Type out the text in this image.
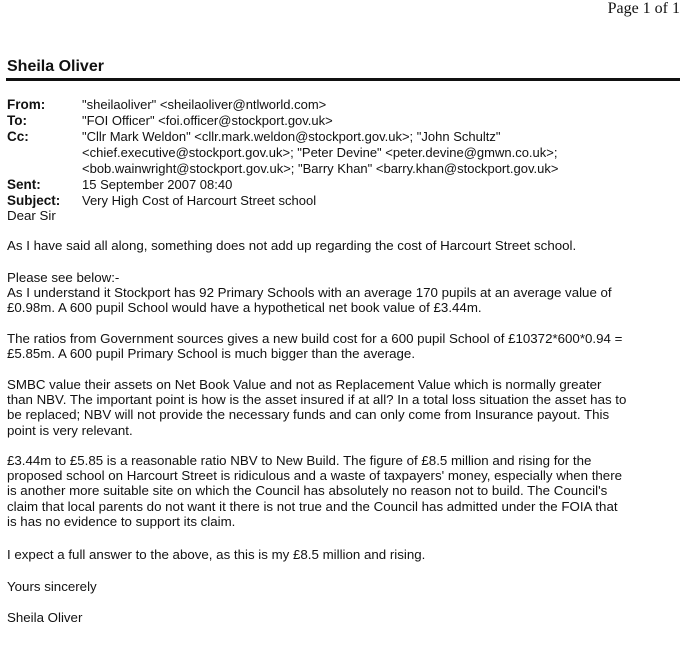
Page 1 of 1
Sheila Oliver
From:	"sheilaoliver" <sheilaoliver@ntlworld.com>
To:	"FOI Officer" <foi.officer@stockport.gov.uk>
Cc:	"Cllr Mark Weldon" <cllr.mark.weldon@stockport.gov.uk>; "John Schultz"
<chief.executive@stockport.gov.uk>; "Peter Devine" <peter.devine@gmwn.co.uk>;
<bob.wainwright@stockport.gov.uk>; "Barry Khan" <barry.khan@stockport.gov.uk>
Sent:	15 September 2007 08:40
Subject: Very High Cost of Harcourt Street school
Dear Sir
As I have said all along, something does not add up regarding the cost of Harcourt Street school.
Please see below:-
As I understand it Stockport has 92 Primary Schools with an average 170 pupils at an average value of
£0.98m. A 600 pupil School would have a hypothetical net book value of £3.44m.
The ratios from Government sources gives a new build cost for a 600 pupil School of £10372*600*0.94 =
£5.85m. A 600 pupil Primary School is much bigger than the average.
SMBC value their assets on Net Book Value and not as Replacement Value which is normally greater
than NBV. The important point is how is the asset insured if at all? In a total loss situation the asset has to
be replaced; NBV will not provide the necessary funds and can only come from Insurance payout. This
point is very relevant.
£3.44m to £5.85 is a reasonable ratio NBV to New Build. The figure of £8.5 million and rising for the
proposed school on Harcourt Street is ridiculous and a waste of taxpayers' money, especially when there
is another more suitable site on which the Council has absolutely no reason not to build. The Council's
claim that local parents do not want it there is not true and the Council has admitted under the FOIA that
is has no evidence to support its claim.
I expect a full answer to the above, as this is my £8.5 million and rising.
Yours sincerely
Sheila Oliver
